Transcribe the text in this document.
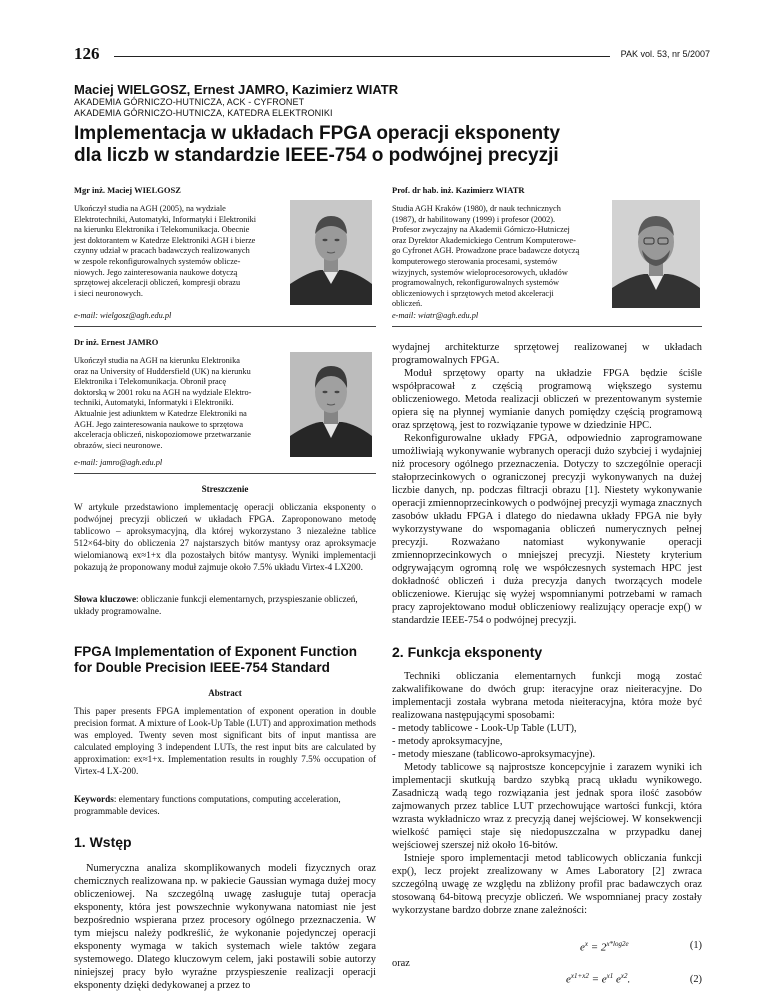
126	PAK vol. 53, nr 5/2007
Maciej WIELGOSZ, Ernest JAMRO, Kazimierz WIATR
AKADEMIA GÓRNICZO-HUTNICZA, ACK - CYFRONET
AKADEMIA GÓRNICZO-HUTNICZA, KATEDRA ELEKTRONIKI
Implementacja w układach FPGA operacji eksponenty
dla liczb w standardzie IEEE-754 o podwójnej precyzji
Mgr inż. Maciej WIELGOSZ
Ukończył studia na AGH (2005), na wydziale
Elektrotechniki, Automatyki, Informatyki i Elektroniki
na kierunku Elektronika i Telekomunikacja. Obecnie
jest doktorantem w Katedrze Elektroniki AGH i bierze
czynny udział w pracach badawczych realizowanych
w zespole rekonfigurowalnych systemów oblicze-
niowych. Jego zainteresowania naukowe dotyczą
sprzętowej akceleracji obliczeń, kompresji obrazu
i sieci neuronowych.
e-mail: wielgosz@agh.edu.pl
Prof. dr hab. inż. Kazimierz WIATR
Studia AGH Kraków (1980), dr nauk technicznych
(1987), dr habilitowany (1999) i profesor (2002).
Profesor zwyczajny na Akademii Górniczo-Hutniczej
oraz Dyrektor Akademickiego Centrum Komputerowe-
go Cyfronet AGH. Prowadzone prace badawcze dotyczą
komputerowego sterowania procesami, systemów
wizyjnych, systemów wieloprocesorowych, układów
programowalnych, rekonfigurowalnych systemów
obliczeniowych i sprzętowych metod akceleracji
obliczeń.
e-mail: wiatr@agh.edu.pl
Dr inż. Ernest JAMRO
Ukończył studia na AGH na kierunku Elektronika
oraz na University of Huddersfield (UK) na kierunku
Elektronika i Telekomunikacja. Obronił pracę
doktorską w 2001 roku na AGH na wydziale Elektro-
techniki, Automatyki, Informatyki i Elektroniki.
Aktualnie jest adiunktem w Katedrze Elektroniki na
AGH. Jego zainteresowania naukowe to sprzętowa
akceleracja obliczeń, niskopoziomowe przetwarzanie
obrazów, sieci neuronowe.
e-mail: jamro@agh.edu.pl
Streszczenie
W artykule przedstawiono implementację operacji obliczania eksponenty o podwójnej precyzji obliczeń w układach FPGA. Zaproponowano metodę tablicowo – aproksymacyjną, dla której wykorzystano 3 niezależne tablice 512×64-bity do obliczenia 27 najstarszych bitów mantysy oraz aproksymacje wielomianową ex≈1+x dla pozostałych bitów mantysy. Wyniki implementacji pokazują że proponowany moduł zajmuje około 7.5% układu Virtex-4 LX200.
Słowa kluczowe: obliczanie funkcji elementarnych, przyspieszanie obliczeń, układy programowalne.
FPGA Implementation of Exponent Function
for Double Precision IEEE-754 Standard
Abstract
This paper presents FPGA implementation of exponent operation in double precision format. A mixture of Look-Up Table (LUT) and approximation methods was employed. Twenty seven most significant bits of input mantissa are calculated employing 3 independent LUTs, the rest input bits are calculated by approximation: ex≈1+x. Implementation results in roughly 7.5% occupation of Virtex-4 LX-200.
Keywords: elementary functions computations, computing acceleration, programmable devices.
1. Wstęp

Numeryczna analiza skomplikowanych modeli fizycznych oraz chemicznych realizowana np. w pakiecie Gaussian wymaga dużej mocy obliczeniowej. Na szczególną uwagę zasługuje tutaj operacja eksponenty, która jest powszechnie wykonywana natomiast nie jest bezpośrednio wspierana przez procesory ogólnego przeznaczenia. W tym miejscu należy podkreślić, że wykonanie pojedynczej operacji eksponenty wymaga w takich systemach wiele taktów zegara systemowego. Dlatego kluczowym celem, jaki postawili sobie autorzy niniejszej pracy było wyraźne przyspieszenie realizacji operacji eksponenty dzięki dedykowanej a przez to

wydajnej architekturze sprzętowej realizowanej w układach programowalnych FPGA.

Moduł sprzętowy oparty na układzie FPGA będzie ściśle współpracował z częścią programową większego systemu obliczeniowego. Metoda realizacji obliczeń w prezentowanym systemie opiera się na płynnej wymianie danych pomiędzy częścią programową oraz sprzętową, jest to rozwiązanie typowe w dziedzinie HPC.

Rekonfigurowalne układy FPGA, odpowiednio zaprogramowane umożliwiają wykonywanie wybranych operacji dużo szybciej i wydajniej niż procesory ogólnego przeznaczenia. Dotyczy to szczególnie operacji stałoprzecinkowych o ograniczonej precyzji wykonywanych na dużej liczbie danych, np. podczas filtracji obrazu [1]. Niestety wykonywanie operacji zmiennoprzecinkowych o podwójnej precyzji wymaga znacznych zasobów układu FPGA i dlatego do niedawna układy FPGA nie były wykorzystywane do wspomagania obliczeń numerycznych pełnej precyzji. Rozważano natomiast wykonywanie operacji zmiennoprzecinkowych o mniejszej precyzji. Niestety kryterium odgrywającym ogromną rolę we współczesnych systemach HPC jest dokładność obliczeń i duża precyzja danych tworzących modele obliczeniowe. Kierując się wyżej wspomnianymi potrzebami w ramach pracy zaprojektowano moduł obliczeniowy realizujący operacje exp() w standardzie IEEE-754 o podwójnej precyzji.

2. Funkcja eksponenty

Techniki obliczania elementarnych funkcji mogą zostać zakwalifikowane do dwóch grup: iteracyjne oraz nieiteracyjne. Do implementacji została wybrana metoda nieiteracyjna, która może być realizowana następującymi sposobami:

- metody tablicowe - Look-Up Table (LUT),
- metody aproksymacyjne,
- metody mieszane (tablicowo-aproksymacyjne).

Metody tablicowe są najprostsze koncepcyjnie i zarazem wyniki ich implementacji skutkują bardzo szybką pracą układu wynikowego. Zasadniczą wadą tego rozwiązania jest jednak spora ilość zasobów zajmowanych przez tablice LUT przechowujące wartości funkcji, która wzrasta wykładniczo wraz z precyzją danej wejściowej. W konsekwencji wielkość pamięci staje się niedopuszczalna w przypadku danej wejściowej szerszej niż około 16-bitów.

Istnieje sporo implementacji metod tablicowych obliczania funkcji exp(), lecz projekt zrealizowany w Ames Laboratory [2] zwraca szczególną uwagę ze względu na zbliżony profil prac badawczych oraz stosowaną 64-bitową precyzje obliczeń. We wspomnianej pracy zostały wykorzystane bardzo dobrze znane zależności:

$e^x = 2^{x*log2e}$	(1)
oraz
$e^{x1+x2} = e^{x1}$ $e^{x2}$.	(2)
